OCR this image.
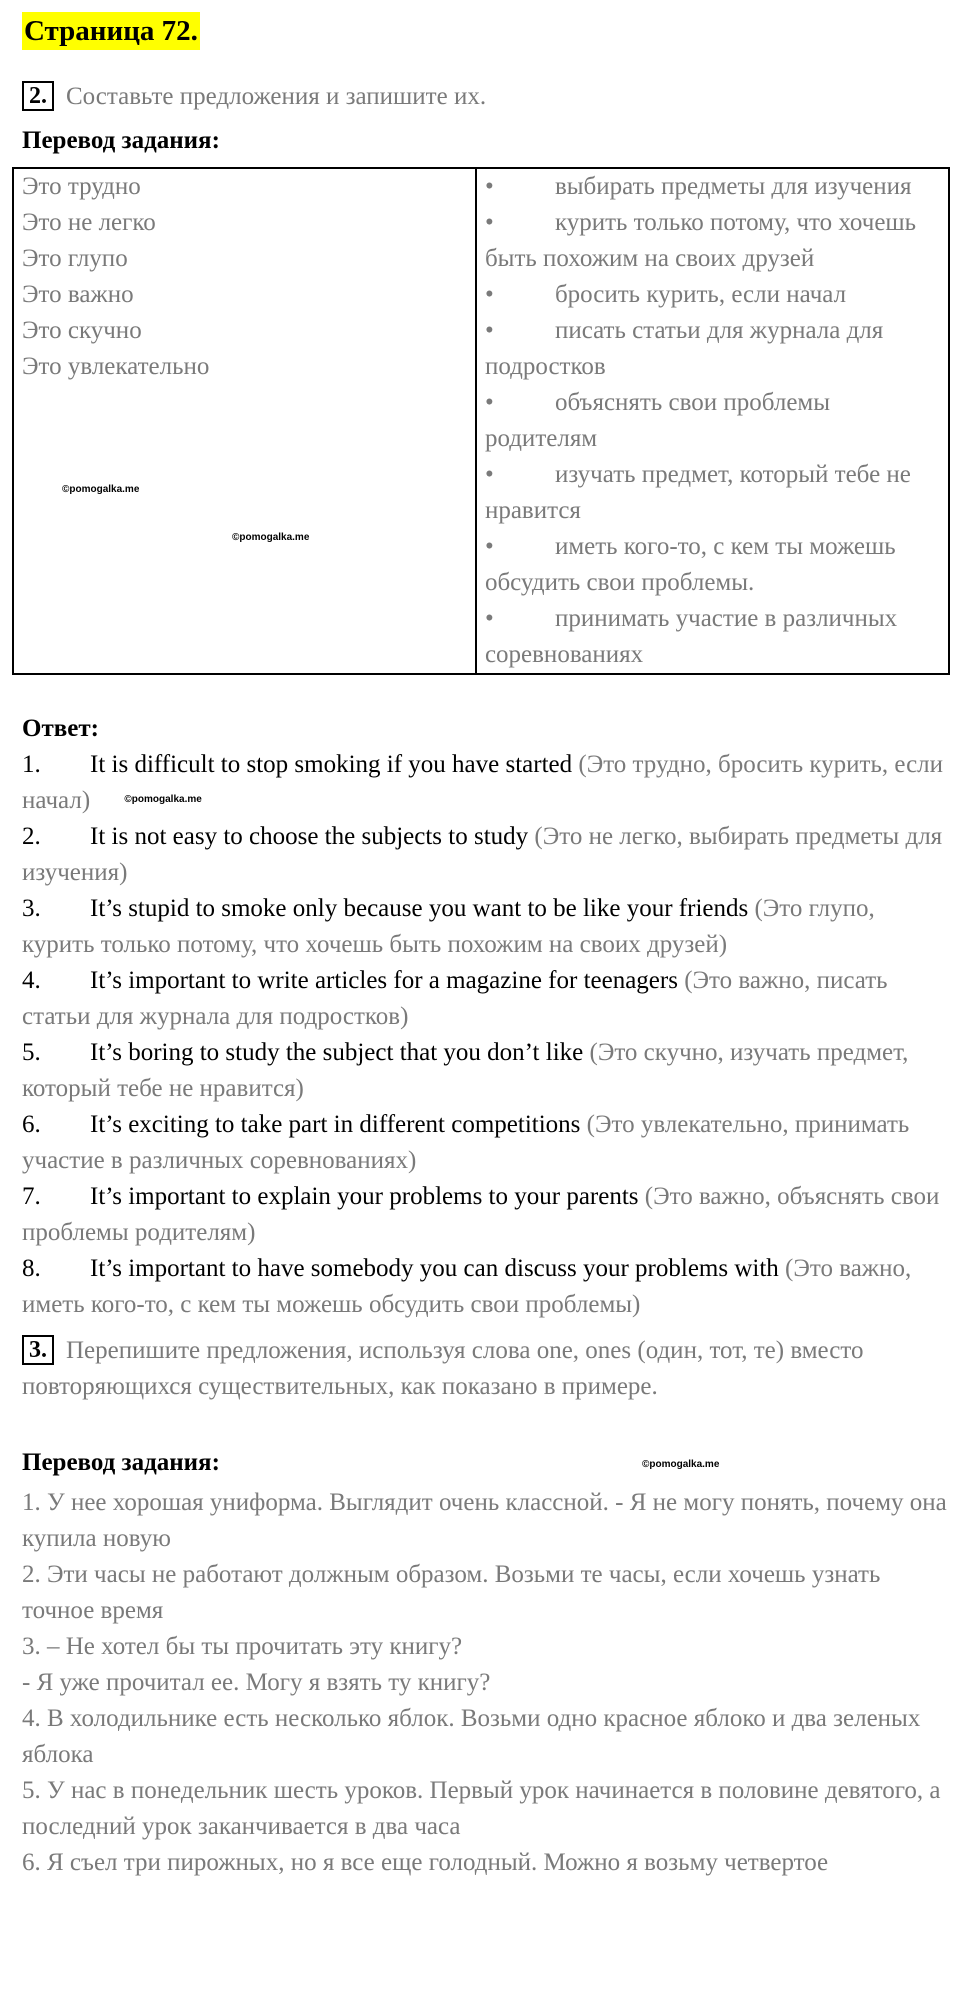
Страница 72.
2. Составьте предложения и запишите их.
Перевод задания:
Это трудно
Это не легко
Это глупо
Это важно
Это скучно
Это увлекательно
©pomogalka.me
©pomogalka.me

• выбирать предметы для изучения
• курить только потому, что хочешь быть похожим на своих друзей
• бросить курить, если начал
• писать статьи для журнала для подростков
• объяснять свои проблемы родителям
• изучать предмет, который тебе не нравится
• иметь кого-то, с кем ты можешь обсудить свои проблемы.
• принимать участие в различных соревнованиях
Ответ:
1. It is difficult to stop smoking if you have started (Это трудно, бросить курить, если начал)	$^{©pomogalka.me}$
2. It is not easy to choose the subjects to study (Это не легко, выбирать предметы для изучения)
3. It’s stupid to smoke only because you want to be like your friends (Это глупо, курить только потому, что хочешь быть похожим на своих друзей)
4. It’s important to write articles for a magazine for teenagers (Это важно, писать статьи для журнала для подростков)
5. It’s boring to study the subject that you don’t like (Это скучно, изучать предмет, который тебе не нравится)
6. It’s exciting to take part in different competitions (Это увлекательно, принимать участие в различных соревнованиях)
7. It’s important to explain your problems to your parents (Это важно, объяснять свои проблемы родителям)
8. It’s important to have somebody you can discuss your problems with (Это важно, иметь кого-то, с кем ты можешь обсудить свои проблемы)
3. Перепишите предложения, используя слова one, ones (один, тот, те) вместо повторяющихся существительных, как показано в примере.
Перевод задания:	©pomogalka.me
1. У нее хорошая униформа. Выглядит очень классной. - Я не могу понять, почему она купила новую
2. Эти часы не работают должным образом. Возьми те часы, если хочешь узнать точное время
3. – Не хотел бы ты прочитать эту книгу?
- Я уже прочитал ее. Могу я взять ту книгу?
4. В холодильнике есть несколько яблок. Возьми одно красное яблоко и два зеленых яблока
5. У нас в понедельник шесть уроков. Первый урок начинается в половине девятого, а последний урок заканчивается в два часа
6. Я съел три пирожных, но я все еще голодный. Можно я возьму четвертое
